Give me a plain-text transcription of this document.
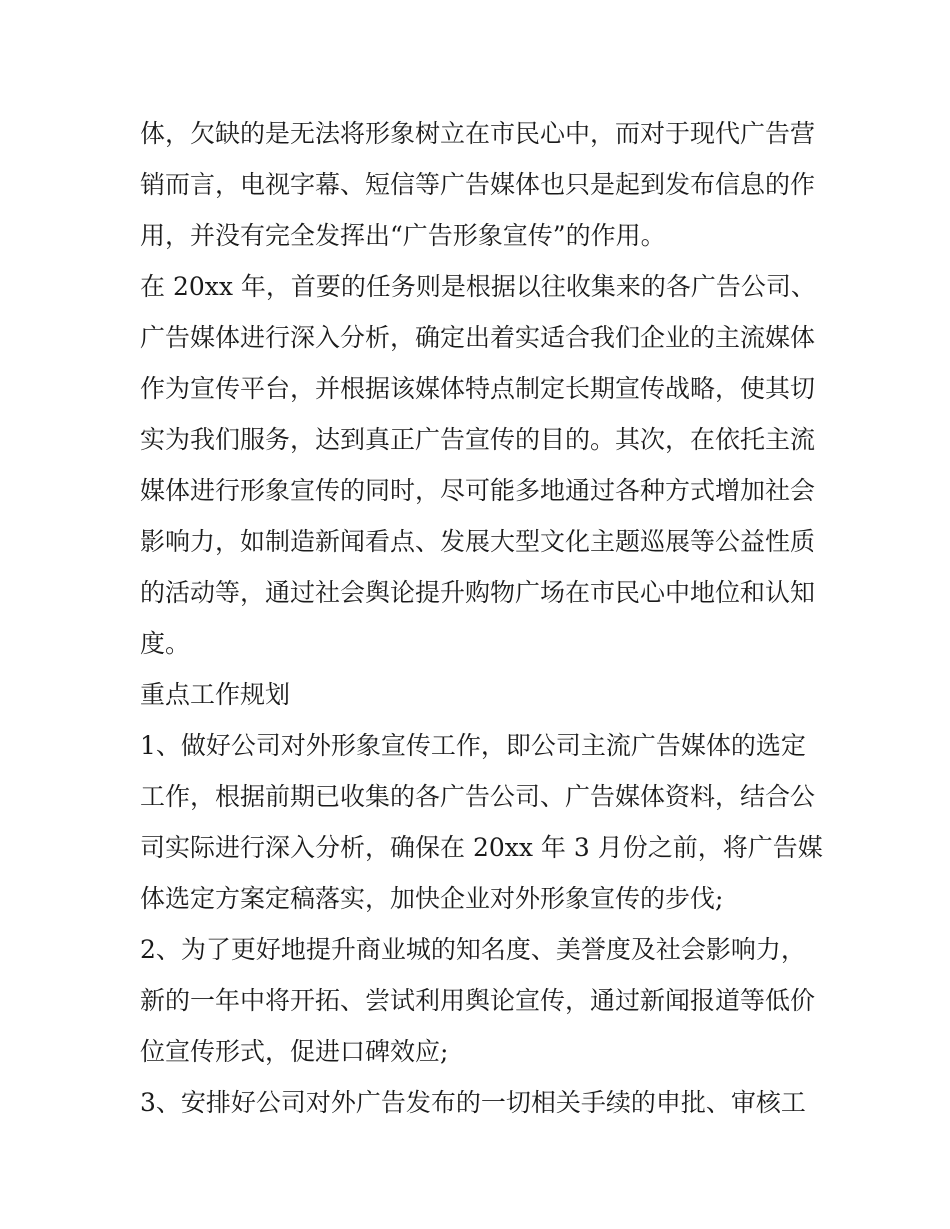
体，欠缺的是无法将形象树立在市民心中，而对于现代广告营
销而言，电视字幕、短信等广告媒体也只是起到发布信息的作
用，并没有完全发挥出“广告形象宣传”的作用。
在 20xx 年，首要的任务则是根据以往收集来的各广告公司、
广告媒体进行深入分析，确定出着实适合我们企业的主流媒体
作为宣传平台，并根据该媒体特点制定长期宣传战略，使其切
实为我们服务，达到真正广告宣传的目的。其次，在依托主流
媒体进行形象宣传的同时，尽可能多地通过各种方式增加社会
影响力，如制造新闻看点、发展大型文化主题巡展等公益性质
的活动等，通过社会舆论提升购物广场在市民心中地位和认知
度。
重点工作规划
1、做好公司对外形象宣传工作，即公司主流广告媒体的选定
工作，根据前期已收集的各广告公司、广告媒体资料，结合公
司实际进行深入分析，确保在 20xx 年 3 月份之前，将广告媒
体选定方案定稿落实，加快企业对外形象宣传的步伐;
2、为了更好地提升商业城的知名度、美誉度及社会影响力，
新的一年中将开拓、尝试利用舆论宣传，通过新闻报道等低价
位宣传形式，促进口碑效应;
3、安排好公司对外广告发布的一切相关手续的申批、审核工
